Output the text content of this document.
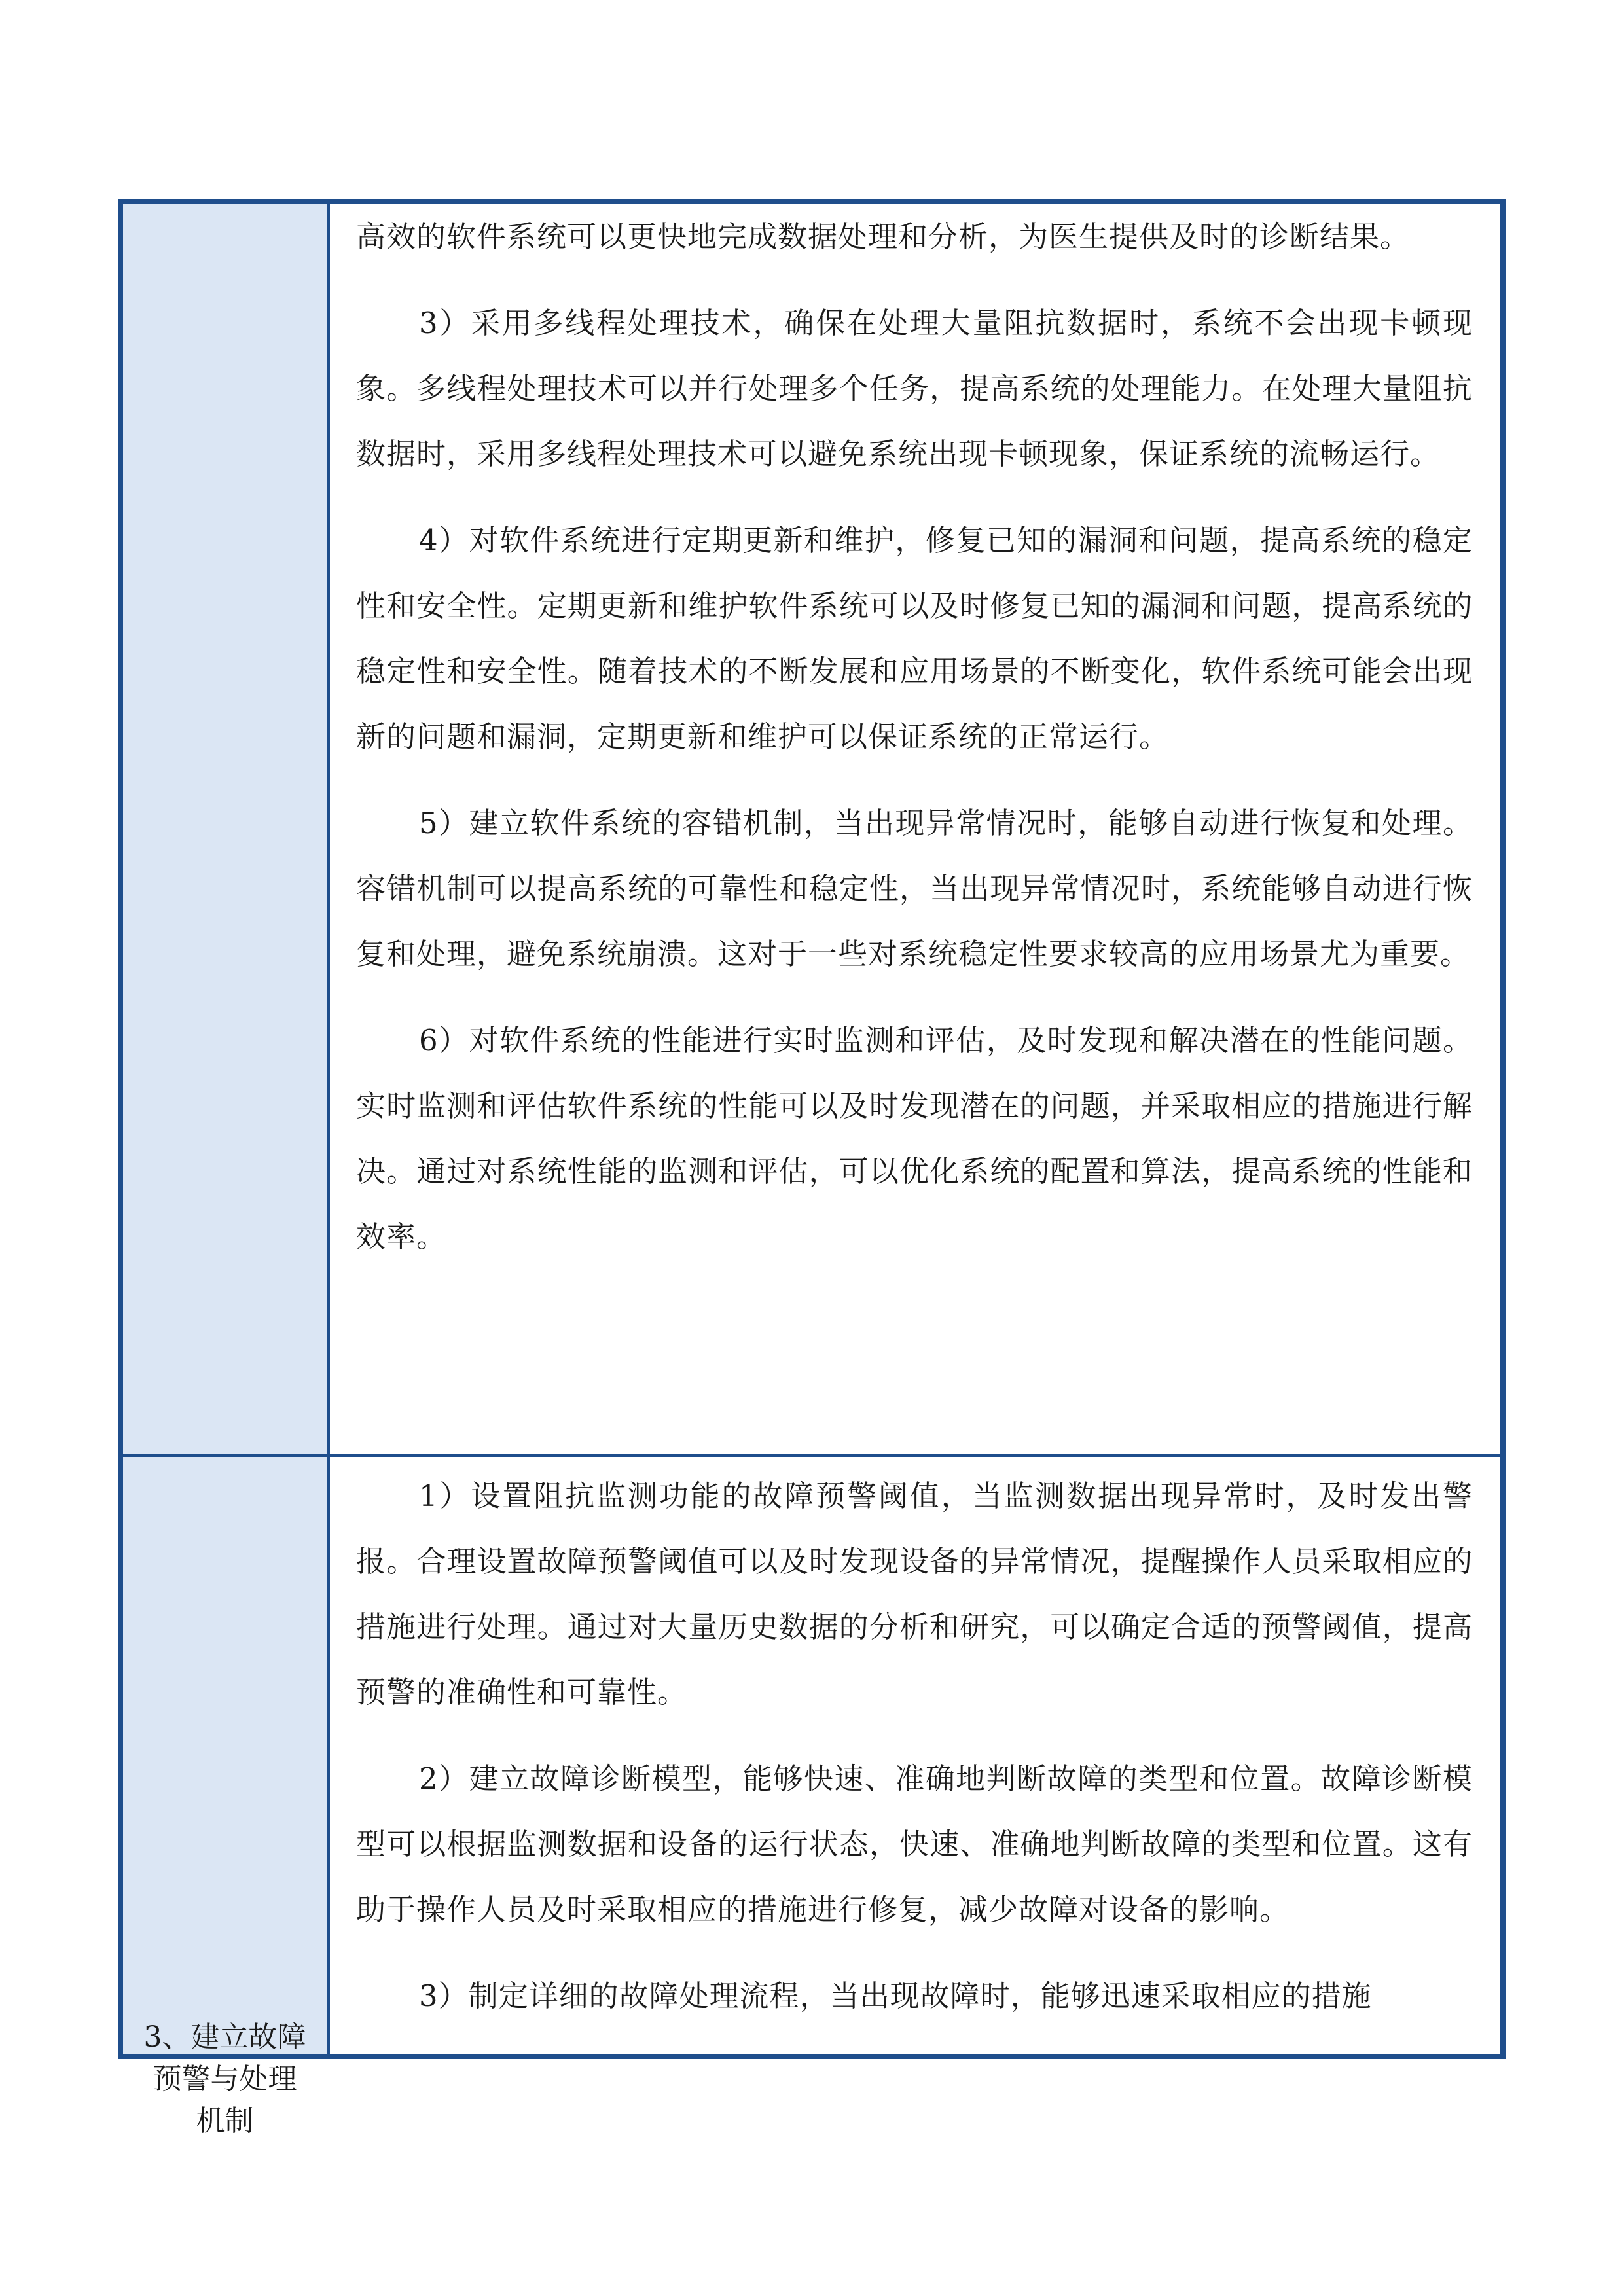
高效的软件系统可以更快地完成数据处理和分析，为医生提供及时的诊断结果。

3）采用多线程处理技术，确保在处理大量阻抗数据时，系统不会出现卡顿现象。多线程处理技术可以并行处理多个任务，提高系统的处理能力。在处理大量阻抗数据时，采用多线程处理技术可以避免系统出现卡顿现象，保证系统的流畅运行。

4）对软件系统进行定期更新和维护，修复已知的漏洞和问题，提高系统的稳定性和安全性。定期更新和维护软件系统可以及时修复已知的漏洞和问题，提高系统的稳定性和安全性。随着技术的不断发展和应用场景的不断变化，软件系统可能会出现新的问题和漏洞，定期更新和维护可以保证系统的正常运行。

5）建立软件系统的容错机制，当出现异常情况时，能够自动进行恢复和处理。容错机制可以提高系统的可靠性和稳定性，当出现异常情况时，系统能够自动进行恢复和处理，避免系统崩溃。这对于一些对系统稳定性要求较高的应用场景尤为重要。

6）对软件系统的性能进行实时监测和评估，及时发现和解决潜在的性能问题。实时监测和评估软件系统的性能可以及时发现潜在的问题，并采取相应的措施进行解决。通过对系统性能的监测和评估，可以优化系统的配置和算法，提高系统的性能和效率。

3、建立故障预警与处理机制

1）设置阻抗监测功能的故障预警阈值，当监测数据出现异常时，及时发出警报。合理设置故障预警阈值可以及时发现设备的异常情况，提醒操作人员采取相应的措施进行处理。通过对大量历史数据的分析和研究，可以确定合适的预警阈值，提高预警的准确性和可靠性。

2）建立故障诊断模型，能够快速、准确地判断故障的类型和位置。故障诊断模型可以根据监测数据和设备的运行状态，快速、准确地判断故障的类型和位置。这有助于操作人员及时采取相应的措施进行修复，减少故障对设备的影响。

3）制定详细的故障处理流程，当出现故障时，能够迅速采取相应的措施
